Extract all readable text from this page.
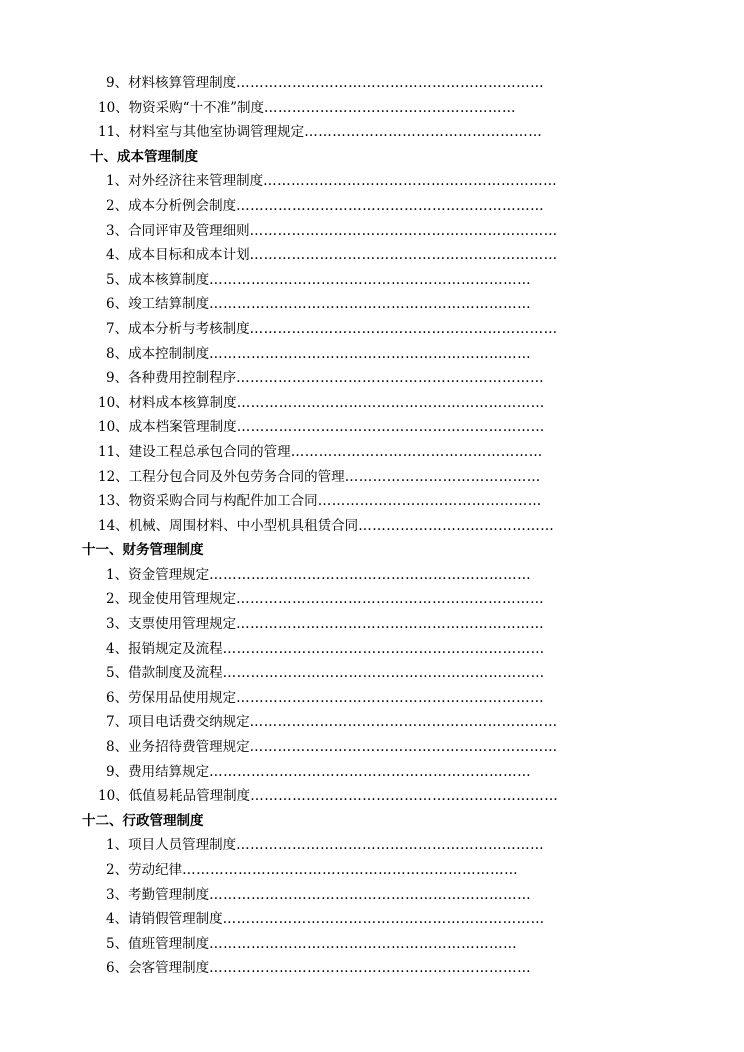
9、材料核算管理制度…………………………………………………………
10、物资采购“十不准”制度………………………………………………
11、材料室与其他室协调管理规定……………………………………………
十、成本管理制度
1、对外经济往来管理制度………………………………………………………
2、成本分析例会制度…………………………………………………………
3、合同评审及管理细则…………………………………………………………
4、成本目标和成本计划…………………………………………………………
5、成本核算制度……………………………………………………………
6、竣工结算制度……………………………………………………………
7、成本分析与考核制度…………………………………………………………
8、成本控制制度……………………………………………………………
9、各种费用控制程序…………………………………………………………
10、材料成本核算制度…………………………………………………………
10、成本档案管理制度…………………………………………………………
11、建设工程总承包合同的管理………………………………………………
12、工程分包合同及外包劳务合同的管理……………………………………
13、物资采购合同与构配件加工合同…………………………………………
14、机械、周围材料、中小型机具租赁合同……………………………………
十一、财务管理制度
1、资金管理规定……………………………………………………………
2、现金使用管理规定…………………………………………………………
3、支票使用管理规定…………………………………………………………
4、报销规定及流程……………………………………………………………
5、借款制度及流程……………………………………………………………
6、劳保用品使用规定…………………………………………………………
7、项目电话费交纳规定…………………………………………………………
8、业务招待费管理规定…………………………………………………………
9、费用结算规定……………………………………………………………
10、低值易耗品管理制度…………………………………………………………
十二、行政管理制度
1、项目人员管理制度…………………………………………………………
2、劳动纪律………………………………………………………………
3、考勤管理制度……………………………………………………………
4、请销假管理制度……………………………………………………………
5、值班管理制度…………………………………………………………
6、会客管理制度……………………………………………………………
